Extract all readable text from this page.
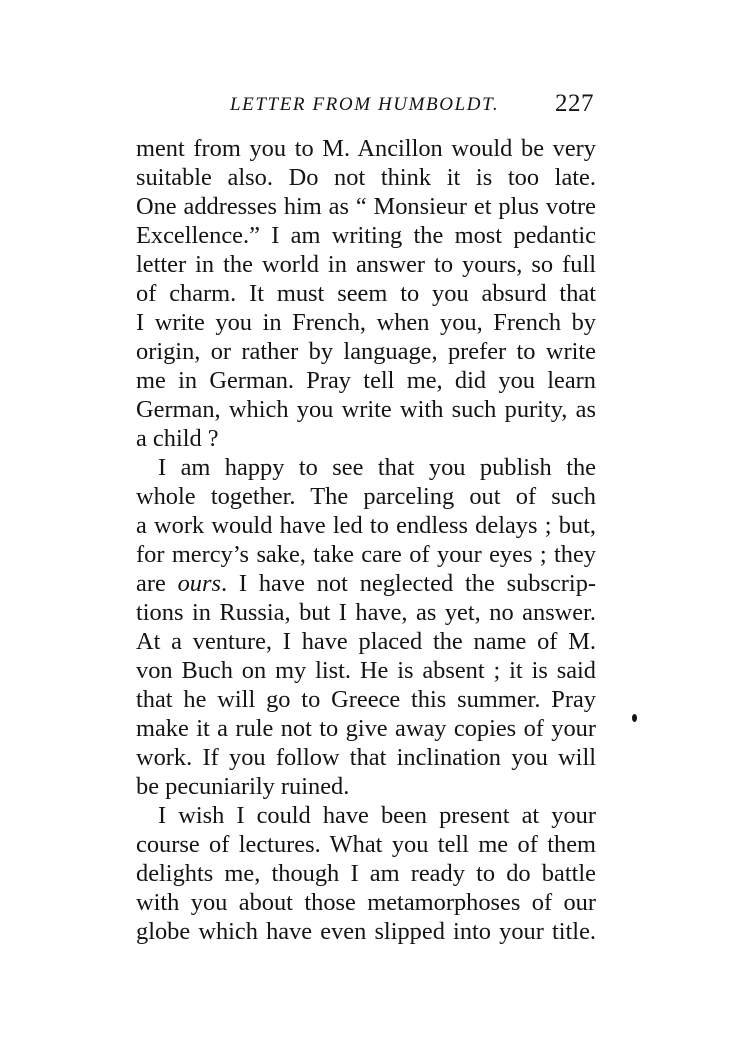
LETTER FROM HUMBOLDT. 227
ment from you to M. Ancillon would be very
suitable also. Do not think it is too late.
One addresses him as “ Monsieur et plus votre
Excellence.” I am writing the most pedantic
letter in the world in answer to yours, so full
of charm. It must seem to you absurd that
I write you in French, when you, French by
origin, or rather by language, prefer to write
me in German. Pray tell me, did you learn
German, which you write with such purity, as
a child ?
I am happy to see that you publish the
whole together. The parceling out of such
a work would have led to endless delays ; but,
for mercy’s sake, take care of your eyes ; they
are ours. I have not neglected the subscrip-
tions in Russia, but I have, as yet, no answer.
At a venture, I have placed the name of M.
von Buch on my list. He is absent ; it is said
that he will go to Greece this summer. Pray
make it a rule not to give away copies of your
work. If you follow that inclination you will
be pecuniarily ruined.
I wish I could have been present at your
course of lectures. What you tell me of them
delights me, though I am ready to do battle
with you about those metamorphoses of our
globe which have even slipped into your title.
